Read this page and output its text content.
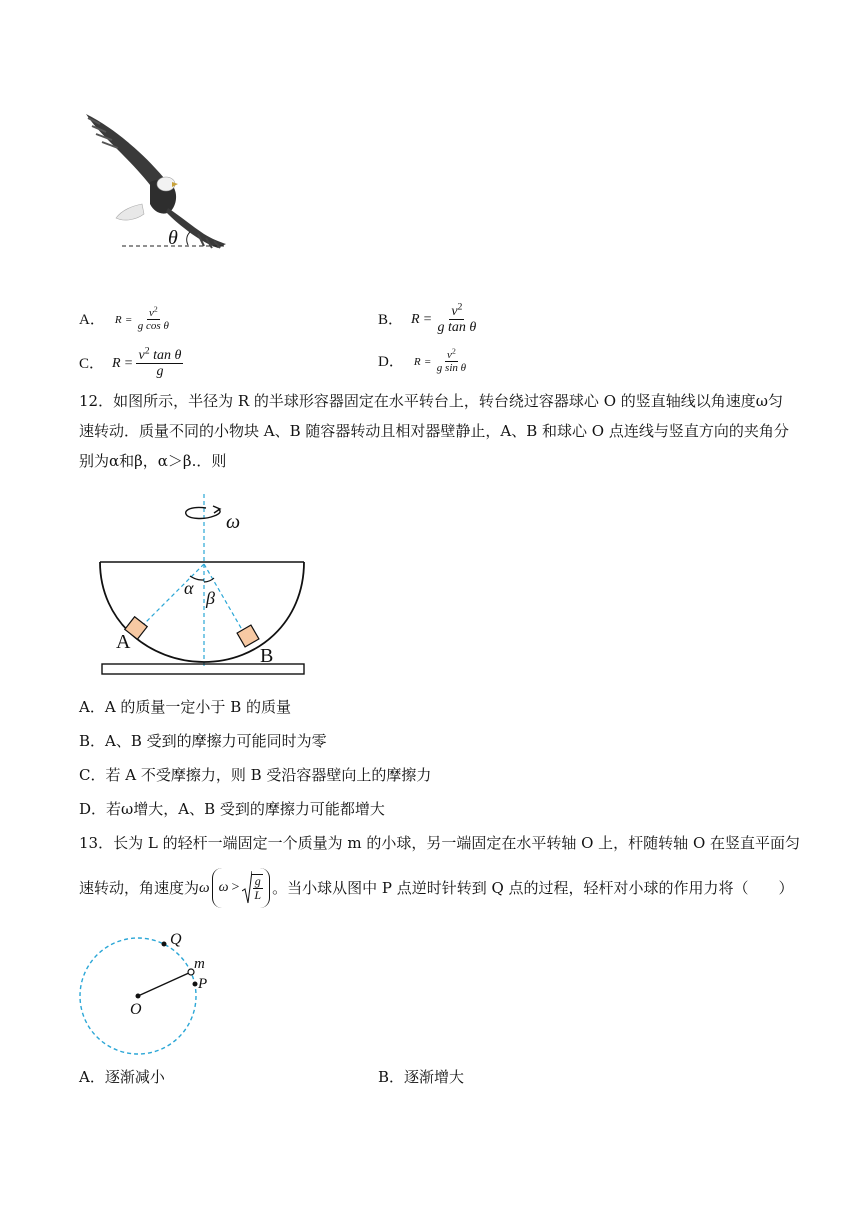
θ
A． $R = \frac{v^2}{\text{g cos θ}}$	B． $R = \frac{v^2}{\text{g tan θ}}$
C． $R = \frac{v^2 \tan \theta}{g}$	D． $R = \frac{v^2}{\text{g sin θ}}$
12．如图所示，半径为 R 的半球形容器固定在水平转台上，转台绕过容器球心 O 的竖直轴线以角速度ω匀
速转动．质量不同的小物块 A、B 随容器转动且相对器壁静止，A、B 和球心 O 点连线与竖直方向的夹角分
别为α和β，α＞β.．则
ω
α β
A
B
A．A 的质量一定小于 B 的质量
B．A、B 受到的摩擦力可能同时为零
C．若 A 不受摩擦力，则 B 受沿容器壁向上的摩擦力
D．若ω增大，A、B 受到的摩擦力可能都增大
13．长为 L 的轻杆一端固定一个质量为 m 的小球，另一端固定在水平转轴 O 上，杆随转轴 O 在竖直平面匀
速转动，角速度为 ω $\omega > \frac{g}{L}$ 。当小球从图中 P 点逆时针转到 Q 点的过程，轻杆对小球的作用力将（　　）
Q
m
P
O
A．逐渐减小	B．逐渐增大
